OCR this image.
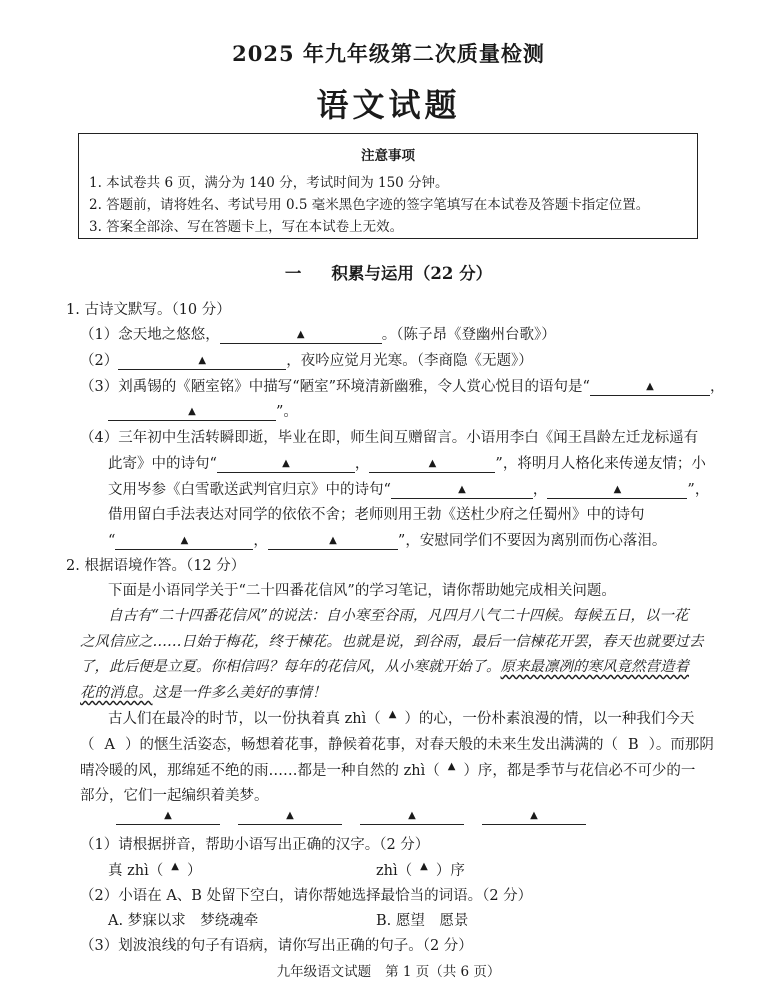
2025 年九年级第二次质量检测
语文试题
注意事项
1. 本试卷共 6 页，满分为 140 分，考试时间为 150 分钟。
2. 答题前，请将姓名、考试号用 0.5 毫米黑色字迹的签字笔填写在本试卷及答题卡指定位置。
3. 答案全部涂、写在答题卡上，写在本试卷上无效。
一 积累与运用（22 分）
1. 古诗文默写。（10 分）
（1）念天地之悠悠，	▲	。（陈子昂《登幽州台歌》）
（2）	▲	，夜吟应觉月光寒。（李商隐《无题》）
（3）刘禹锡的《陋室铭》中描写“陋室”环境清新幽雅，令人赏心悦目的语句是“	▲	，
▲	”。
（4）三年初中生活转瞬即逝，毕业在即，师生间互赠留言。小语用李白《闻王昌龄左迁龙标遥有
此寄》中的诗句“	▲	，	▲	”，将明月人格化来传递友情；小
文用岑参《白雪歌送武判官归京》中的诗句“	▲	，	▲	”，
借用留白手法表达对同学的依依不舍；老师则用王勃《送杜少府之任蜀州》中的诗句
“	▲	，	▲	”，安慰同学们不要因为离别而伤心落泪。
2. 根据语境作答。（12 分）
下面是小语同学关于“二十四番花信风”的学习笔记，请你帮助她完成相关问题。
自古有“二十四番花信风”的说法：自小寒至谷雨，凡四月八气二十四候。每候五日，以一花
之风信应之……日始于梅花，终于楝花。也就是说，到谷雨，最后一信楝花开罢，春天也就要过去
了，此后便是立夏。你相信吗？每年的花信风，从小寒就开始了。原来最凛冽的寒风竟然营造着
花的消息。这是一件多么美好的事情！
古人们在最冷的时节，以一份执着真 zhì（ ▲ ）的心，一份朴素浪漫的情，以一种我们今天
（ A ）的惬生活姿态，畅想着花事，静候着花事，对春天般的未来生发出满满的（ B ）。而那阴
晴冷暖的风，那绵延不绝的雨……都是一种自然的 zhì（ ▲ ）序，都是季节与花信必不可少的一
部分，它们一起编织着美梦。
▲	▲	▲	▲
（1）请根据拼音，帮助小语写出正确的汉字。（2 分）
真 zhì（ ▲ ）	zhì（ ▲ ）序
（2）小语在 A、B 处留下空白，请你帮她选择最恰当的词语。（2 分）
A. 梦寐以求　梦绕魂牵	B. 愿望　愿景
（3）划波浪线的句子有语病，请你写出正确的句子。（2 分）
九年级语文试题 第 1 页（共 6 页）
